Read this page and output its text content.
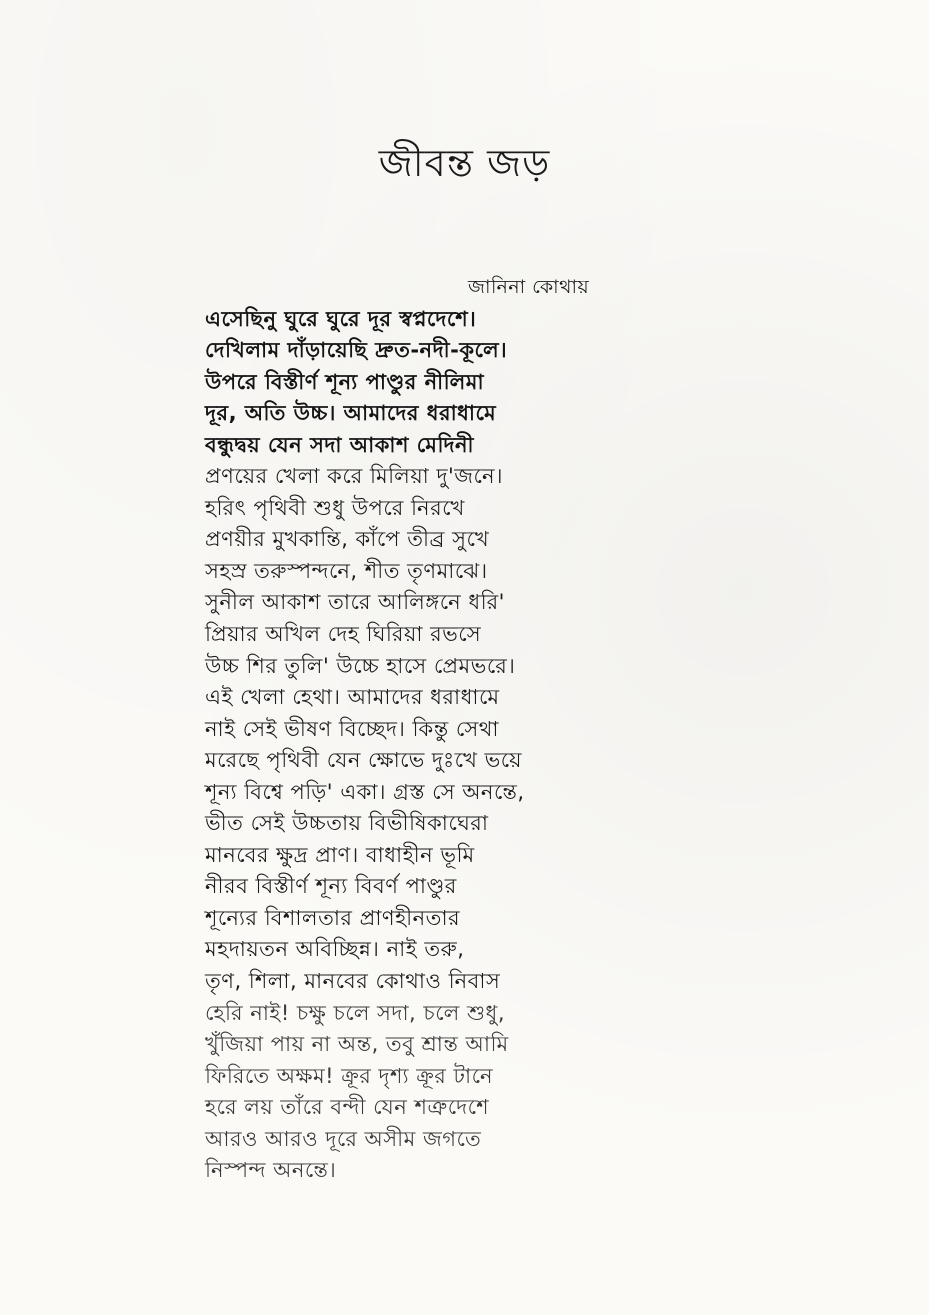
জীবন্ত জড়
জানিনা কোথায়
এসেছিনু ঘুরে ঘুরে দূর স্বপ্নদেশে।
দেখিলাম দাঁড়ায়েছি দ্রুত-নদী-কূলে।
উপরে বিস্তীর্ণ শূন্য পাণ্ডুর নীলিমা
দূর, অতি উচ্চ। আমাদের ধরাধামে
বন্ধুদ্বয় যেন সদা আকাশ মেদিনী
প্রণয়ের খেলা করে মিলিয়া দু'জনে।
হরিৎ পৃথিবী শুধু উপরে নিরখে
প্রণয়ীর মুখকান্তি, কাঁপে তীব্র সুখে
সহস্র তরুস্পন্দনে, শীত তৃণমাঝে।
সুনীল আকাশ তারে আলিঙ্গনে ধরি'
প্রিয়ার অখিল দেহ ঘিরিয়া রভসে
উচ্চ শির তুলি' উচ্চে হাসে প্রেমভরে।
এই খেলা হেথা। আমাদের ধরাধামে
নাই সেই ভীষণ বিচ্ছেদ। কিন্তু সেথা
মরেছে পৃথিবী যেন ক্ষোভে দুঃখে ভয়ে
শূন্য বিশ্বে পড়ি' একা। গ্রস্ত সে অনন্তে,
ভীত সেই উচ্চতায় বিভীষিকাঘেরা
মানবের ক্ষুদ্র প্রাণ। বাধাহীন ভূমি
নীরব বিস্তীর্ণ শূন্য বিবর্ণ পাণ্ডুর
শূন্যের বিশালতার প্রাণহীনতার
মহদায়তন অবিচ্ছিন্ন। নাই তরু,
তৃণ, শিলা, মানবের কোথাও নিবাস
হেরি নাই! চক্ষু চলে সদা, চলে শুধু,
খুঁজিয়া পায় না অন্ত, তবু শ্রান্ত আমি
ফিরিতে অক্ষম! ক্রূর দৃশ্য ক্রূর টানে
হরে লয় তাঁরে বন্দী যেন শত্রুদেশে
আরও আরও দূরে অসীম জগতে
নিস্পন্দ অনন্তে।
